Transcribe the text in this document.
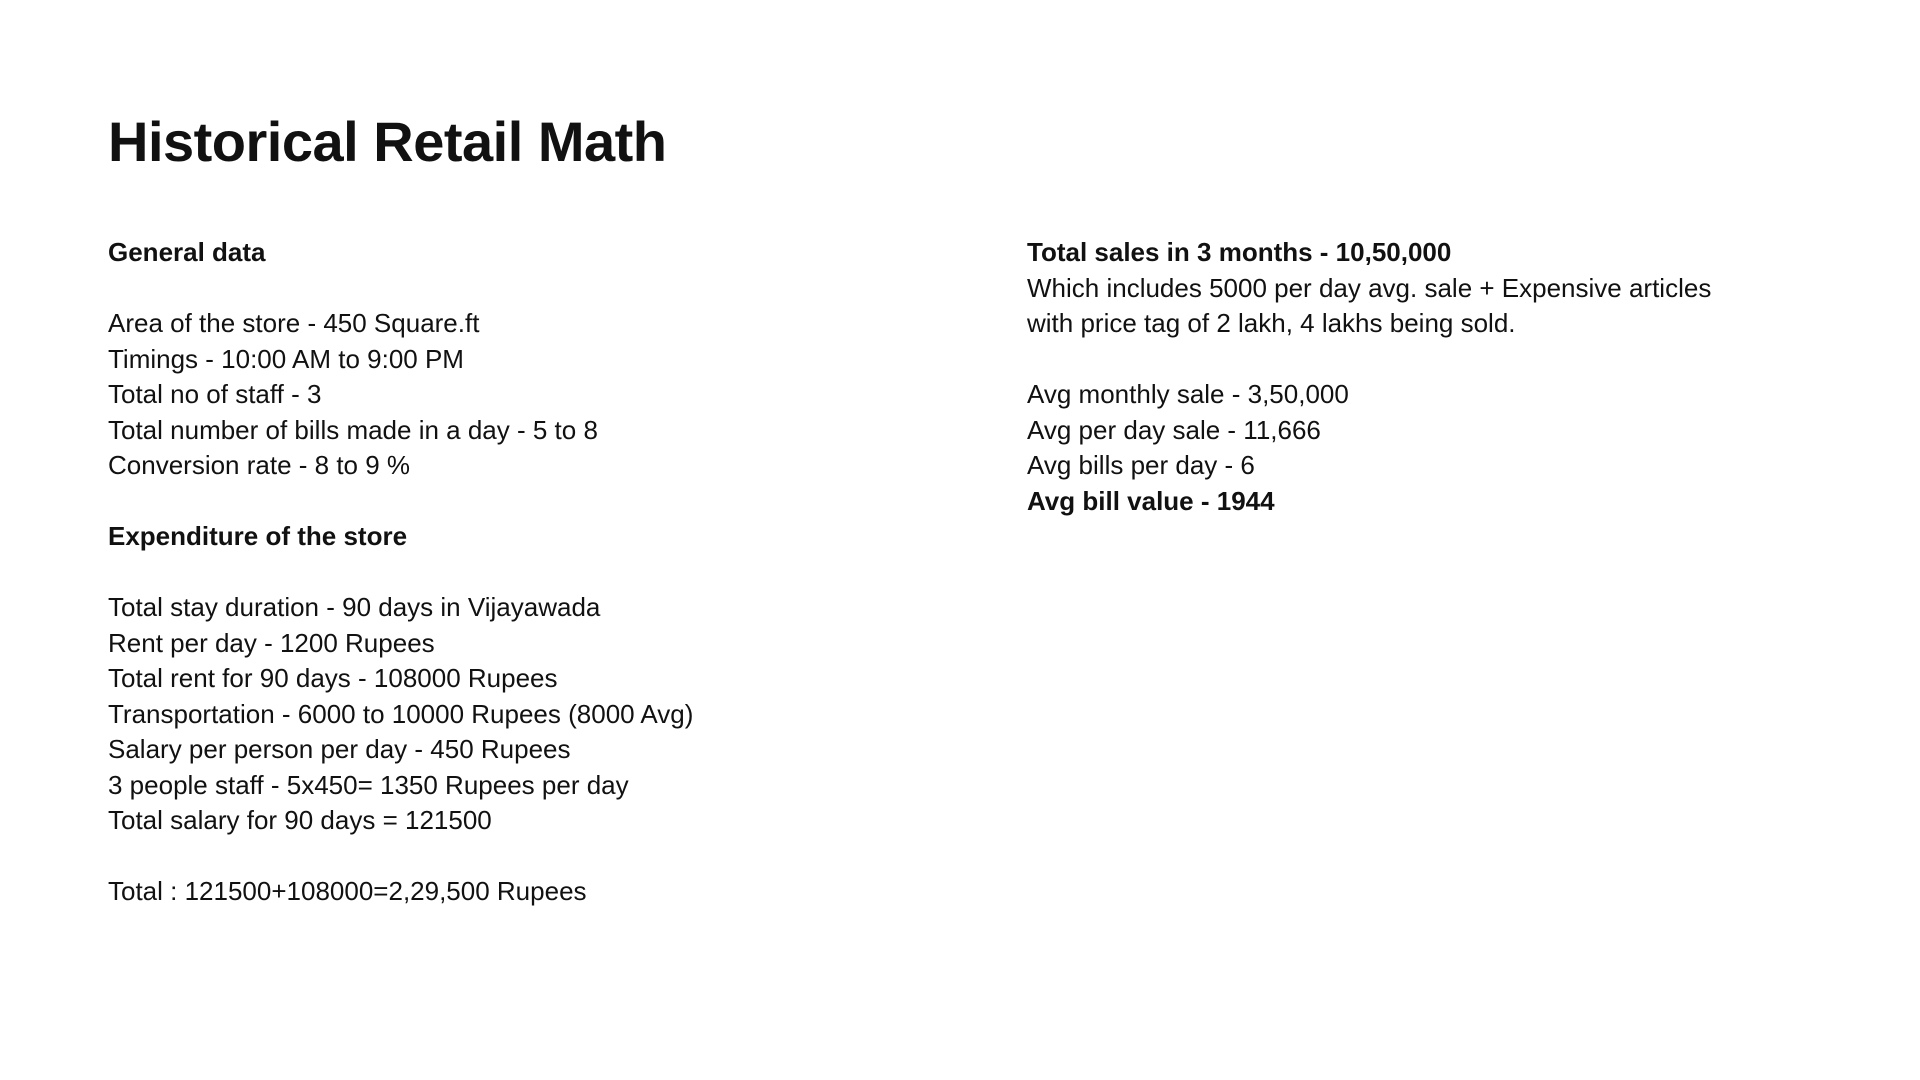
Historical Retail Math
General data
Area of the store - 450 Square.ft
Timings - 10:00 AM to 9:00 PM
Total no of staff - 3
Total number of bills made in a day - 5 to 8
Conversion rate - 8 to 9 %
Expenditure of the store
Total stay duration - 90 days in Vijayawada
Rent per day - 1200 Rupees
Total rent for 90 days - 108000 Rupees
Transportation - 6000 to 10000 Rupees (8000 Avg)
Salary per person per day - 450 Rupees
3 people staff - 5x450= 1350 Rupees per day
Total salary for 90 days = 121500
Total : 121500+108000=2,29,500 Rupees
Total sales in 3 months - 10,50,000
Which includes 5000 per day avg. sale + Expensive articles
with price tag of 2 lakh, 4 lakhs being sold.
Avg monthly sale - 3,50,000
Avg per day sale - 11,666
Avg bills per day - 6
Avg bill value - 1944
